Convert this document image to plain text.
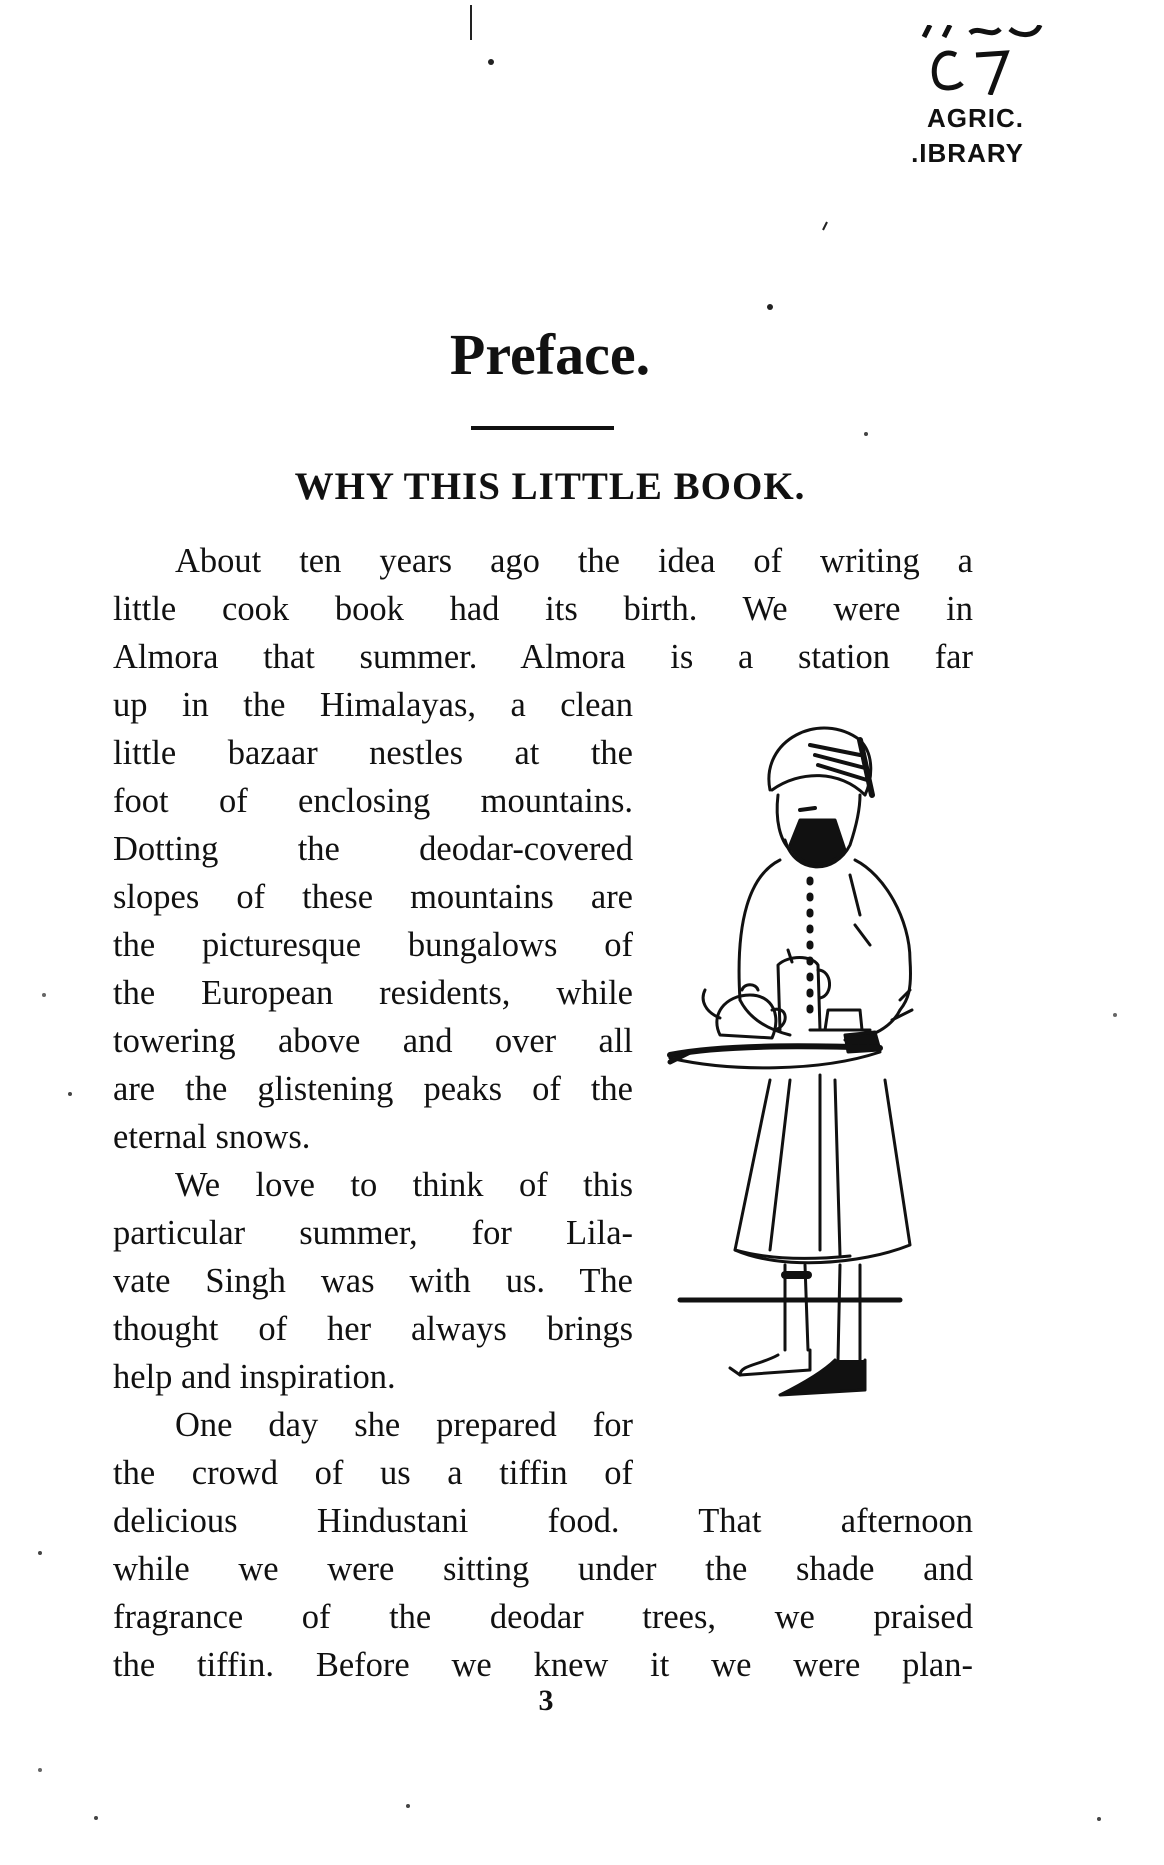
AGRIC.
.IBRARY
Preface.
WHY THIS LITTLE BOOK.

About ten years ago the idea of writing a

little cook book had its birth. We were in

Almora that summer. Almora is a station far

up in the Himalayas, a clean

little bazaar nestles at the

foot of enclosing mountains.

Dotting the deodar-covered

slopes of these mountains are

the picturesque bungalows of

the European residents, while

towering above and over all

are the glistening peaks of the

eternal snows.

We love to think of this

particular summer, for Lila-

vate Singh was with us. The

thought of her always brings

help and inspiration.

One day she prepared for

the crowd of us a tiffin of

delicious Hindustani food. That afternoon

while we were sitting under the shade and

fragrance of the deodar trees, we praised

the tiffin. Before we knew it we were plan-

3
